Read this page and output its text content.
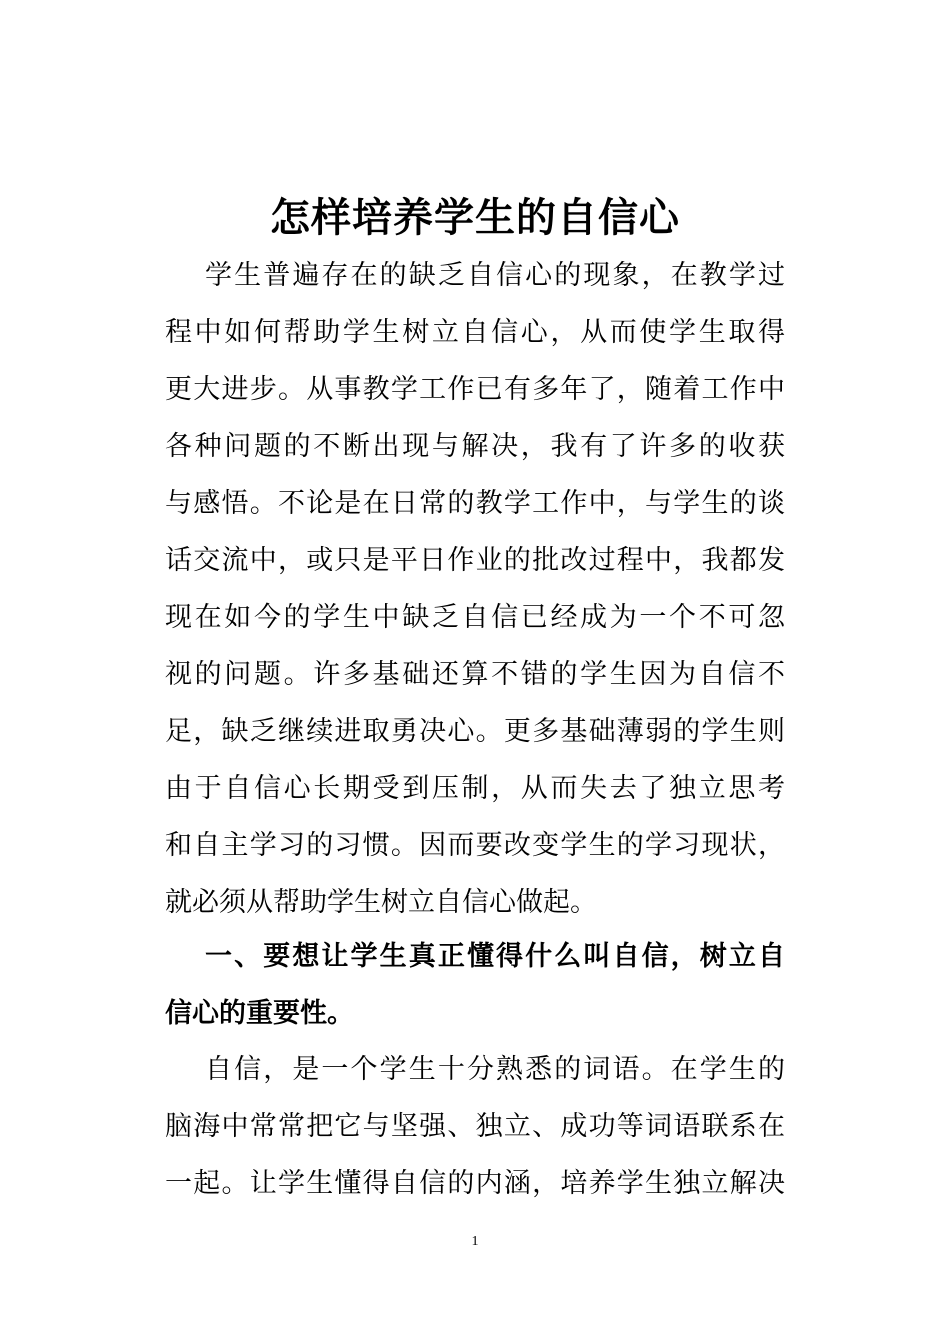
怎样培养学生的自信心
学生普遍存在的缺乏自信心的现象，在教学过
程中如何帮助学生树立自信心，从而使学生取得
更大进步。从事教学工作已有多年了，随着工作中
各种问题的不断出现与解决，我有了许多的收获
与感悟。不论是在日常的教学工作中，与学生的谈
话交流中，或只是平日作业的批改过程中，我都发
现在如今的学生中缺乏自信已经成为一个不可忽
视的问题。许多基础还算不错的学生因为自信不
足，缺乏继续进取勇决心。更多基础薄弱的学生则
由于自信心长期受到压制，从而失去了独立思考
和自主学习的习惯。因而要改变学生的学习现状，
就必须从帮助学生树立自信心做起。
一、要想让学生真正懂得什么叫自信，树立自
信心的重要性。
自信，是一个学生十分熟悉的词语。在学生的
脑海中常常把它与坚强、独立、成功等词语联系在
一起。让学生懂得自信的内涵，培养学生独立解决
1
